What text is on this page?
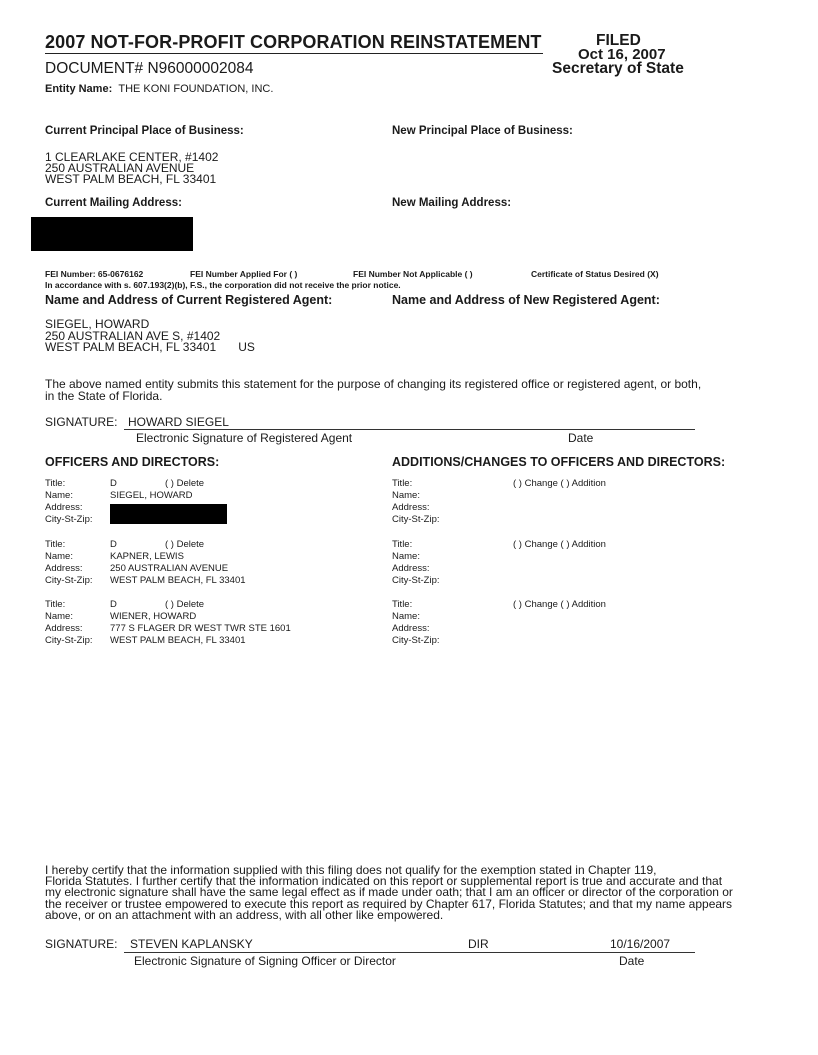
2007 NOT-FOR-PROFIT CORPORATION REINSTATEMENT
DOCUMENT# N96000002084
FILED
Oct 16, 2007
Secretary of State
Entity Name: THE KONI FOUNDATION, INC.
Current Principal Place of Business:	New Principal Place of Business:
1 CLEARLAKE CENTER, #1402
250 AUSTRALIAN AVENUE
WEST PALM BEACH, FL 33401
Current Mailing Address:	New Mailing Address:
FEI Number: 65-0676162	FEI Number Applied For ( )	FEI Number Not Applicable ( )	Certificate of Status Desired (X)
In accordance with s. 607.193(2)(b), F.S., the corporation did not receive the prior notice.
Name and Address of Current Registered Agent:	Name and Address of New Registered Agent:
SIEGEL, HOWARD
250 AUSTRALIAN AVE S, #1402
WEST PALM BEACH, FL 33401 US
The above named entity submits this statement for the purpose of changing its registered office or registered agent, or both,
in the State of Florida.
SIGNATURE: HOWARD SIEGEL
Electronic Signature of Registered Agent	Date
OFFICERS AND DIRECTORS:	ADDITIONS/CHANGES TO OFFICERS AND DIRECTORS:
Title:	D	( ) Delete
Name:	SIEGEL, HOWARD
Address:
City-St-Zip:
Title:	( ) Change ( ) Addition
Name:
Address:
City-St-Zip:
Title:	D	( ) Delete
Name:	KAPNER, LEWIS
Address:	250 AUSTRALIAN AVENUE
City-St-Zip: WEST PALM BEACH, FL 33401
Title:	( ) Change ( ) Addition
Name:
Address:
City-St-Zip:
Title:	D	( ) Delete
Name:	WIENER, HOWARD
Address:	777 S FLAGER DR WEST TWR STE 1601
City-St-Zip: WEST PALM BEACH, FL 33401
Title:	( ) Change ( ) Addition
Name:
Address:
City-St-Zip:
I hereby certify that the information supplied with this filing does not qualify for the exemption stated in Chapter 119,
Florida Statutes. I further certify that the information indicated on this report or supplemental report is true and accurate and that
my electronic signature shall have the same legal effect as if made under oath; that I am an officer or director of the corporation or
the receiver or trustee empowered to execute this report as required by Chapter 617, Florida Statutes; and that my name appears
above, or on an attachment with an address, with all other like empowered.
SIGNATURE: STEVEN KAPLANSKY	DIR	10/16/2007
Electronic Signature of Signing Officer or Director	Date
